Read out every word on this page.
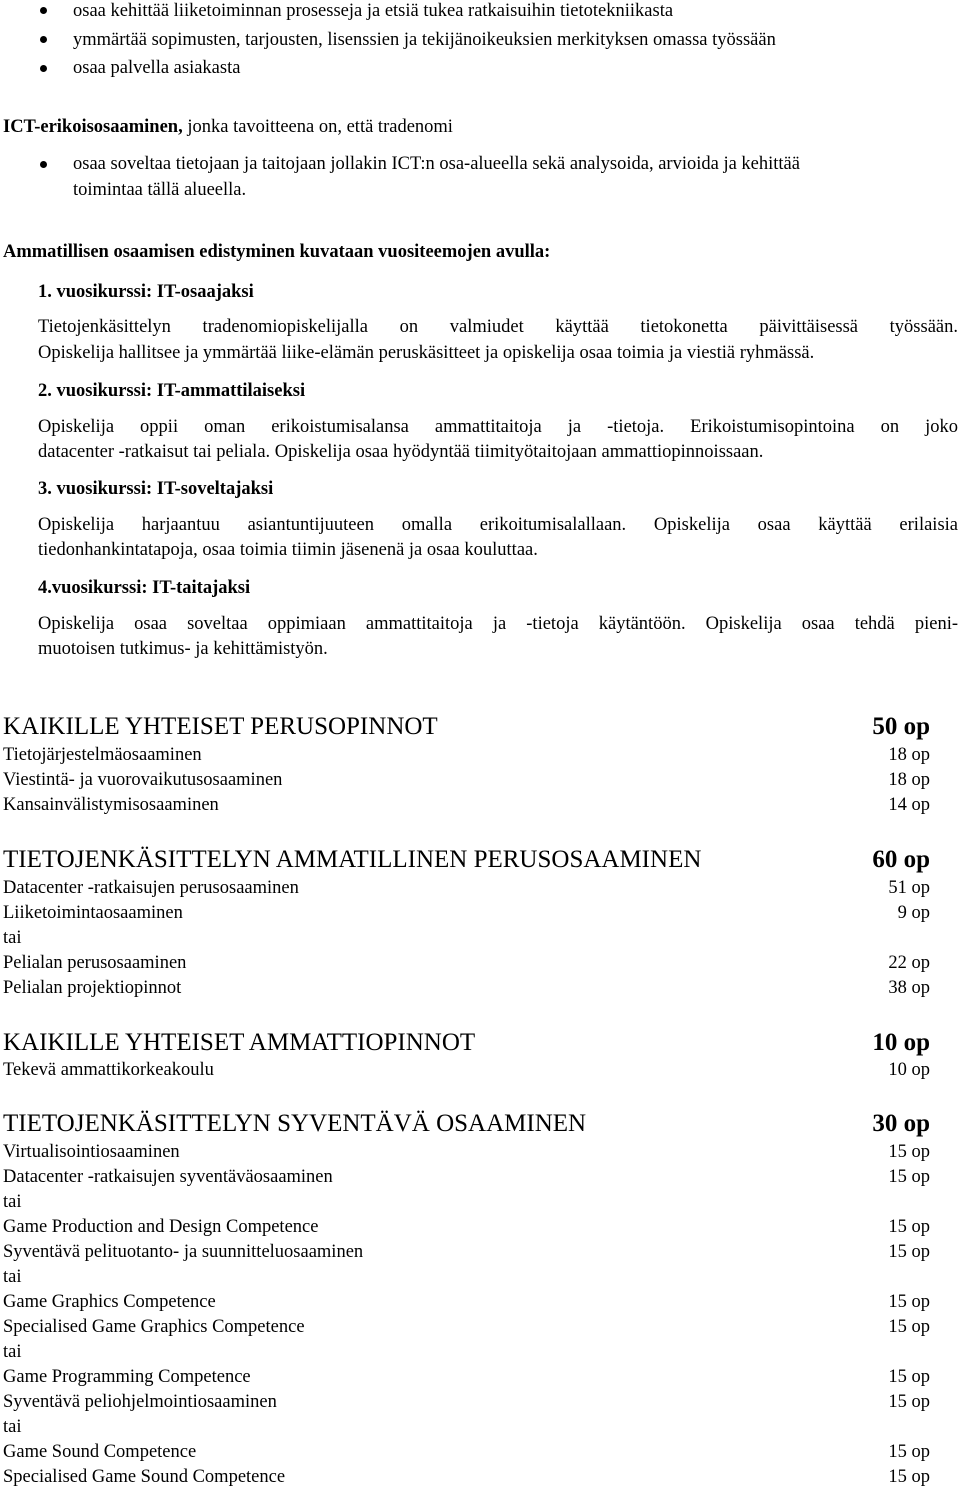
osaa kehittää liiketoiminnan prosesseja ja etsiä tukea ratkaisuihin tietotekniikasta
ymmärtää sopimusten, tarjousten, lisenssien ja tekijänoikeuksien merkityksen omassa työssään
osaa palvella asiakasta
ICT-erikoisosaaminen, jonka tavoitteena on, että tradenomi
osaa soveltaa tietojaan ja taitojaan jollakin ICT:n osa-alueella sekä analysoida, arvioida ja kehittää
toimintaa tällä alueella.
Ammatillisen osaamisen edistyminen kuvataan vuositeemojen avulla:
1. vuosikurssi: IT-osaajaksi
Tietojenkäsittelyn tradenomiopiskelijalla on valmiudet käyttää tietokonetta päivittäisessä työssään.
Opiskelija hallitsee ja ymmärtää liike-elämän peruskäsitteet ja opiskelija osaa toimia ja viestiä ryhmässä.
2. vuosikurssi: IT-ammattilaiseksi
Opiskelija oppii oman erikoistumisalansa ammattitaitoja ja -tietoja. Erikoistumisopintoina on joko
datacenter -ratkaisut tai peliala. Opiskelija osaa hyödyntää tiimityötaitojaan ammattiopinnoissaan.
3. vuosikurssi: IT-soveltajaksi
Opiskelija harjaantuu asiantuntijuuteen omalla erikoitumisalallaan. Opiskelija osaa käyttää erilaisia
tiedonhankintatapoja, osaa toimia tiimin jäsenenä ja osaa kouluttaa.
4.vuosikurssi: IT-taitajaksi
Opiskelija osaa soveltaa oppimiaan ammattitaitoja ja -tietoja käytäntöön. Opiskelija osaa tehdä pieni-
muotoisen tutkimus- ja kehittämistyön.
KAIKILLE YHTEISET PERUSOPINNOT	50 op
Tietojärjestelmäosaaminen	18 op
Viestintä- ja vuorovaikutusosaaminen	18 op
Kansainvälistymisosaaminen	14 op
TIETOJENKÄSITTELYN AMMATILLINEN PERUSOSAAMINEN	60 op
Datacenter -ratkaisujen perusosaaminen	51 op
Liiketoimintaosaaminen	9 op
tai
Pelialan perusosaaminen	22 op
Pelialan projektiopinnot	38 op
KAIKILLE YHTEISET AMMATTIOPINNOT	10 op
Tekevä ammattikorkeakoulu	10 op
TIETOJENKÄSITTELYN SYVENTÄVÄ OSAAMINEN	30 op
Virtualisointiosaaminen	15 op
Datacenter -ratkaisujen syventäväosaaminen	15 op
tai
Game Production and Design Competence	15 op
Syventävä pelituotanto- ja suunnitteluosaaminen	15 op
tai
Game Graphics Competence	15 op
Specialised Game Graphics Competence	15 op
tai
Game Programming Competence	15 op
Syventävä peliohjelmointiosaaminen	15 op
tai
Game Sound Competence	15 op
Specialised Game Sound Competence	15 op
